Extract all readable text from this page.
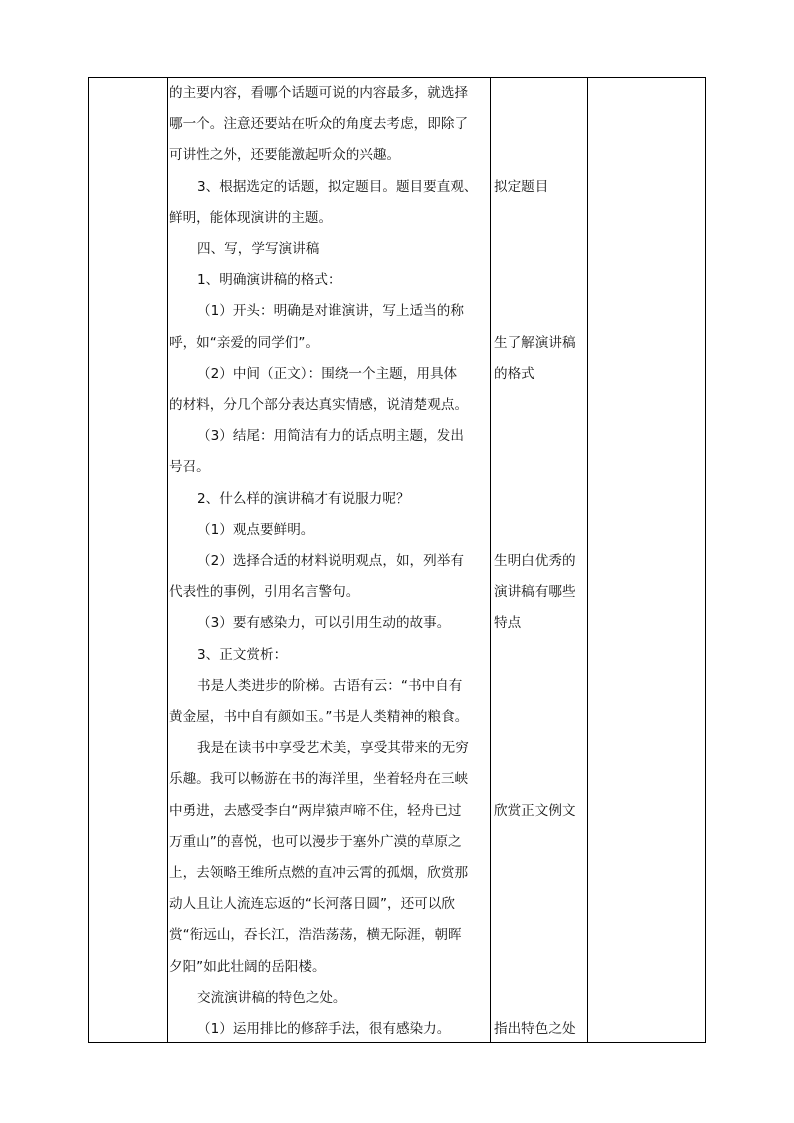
的主要内容，看哪个话题可说的内容最多，就选择
哪一个。注意还要站在听众的角度去考虑，即除了
可讲性之外，还要能激起听众的兴趣。
3、根据选定的话题，拟定题目。题目要直观、
鲜明，能体现演讲的主题。
四、写，学写演讲稿
1、明确演讲稿的格式：
（1）开头：明确是对谁演讲，写上适当的称
呼，如“亲爱的同学们”。
（2）中间（正文）：围绕一个主题，用具体
的材料，分几个部分表达真实情感，说清楚观点。
（3）结尾：用简洁有力的话点明主题，发出
号召。
2、什么样的演讲稿才有说服力呢？
（1）观点要鲜明。
（2）选择合适的材料说明观点，如，列举有
代表性的事例，引用名言警句。
（3）要有感染力，可以引用生动的故事。
3、正文赏析：
书是人类进步的阶梯。古语有云：“书中自有
黄金屋，书中自有颜如玉。”书是人类精神的粮食。
我是在读书中享受艺术美，享受其带来的无穷
乐趣。我可以畅游在书的海洋里，坐着轻舟在三峡
中勇进，去感受李白“两岸猿声啼不住，轻舟已过
万重山”的喜悦，也可以漫步于塞外广漠的草原之
上，去领略王维所点燃的直冲云霄的孤烟，欣赏那
动人且让人流连忘返的“长河落日圆”，还可以欣
赏“衔远山，吞长江，浩浩荡荡，横无际涯，朝晖
夕阳”如此壮阔的岳阳楼。
交流演讲稿的特色之处。
（1）运用排比的修辞手法，很有感染力。
拟定题目
生了解演讲稿
的格式
生明白优秀的
演讲稿有哪些
特点
欣赏正文例文
指出特色之处
